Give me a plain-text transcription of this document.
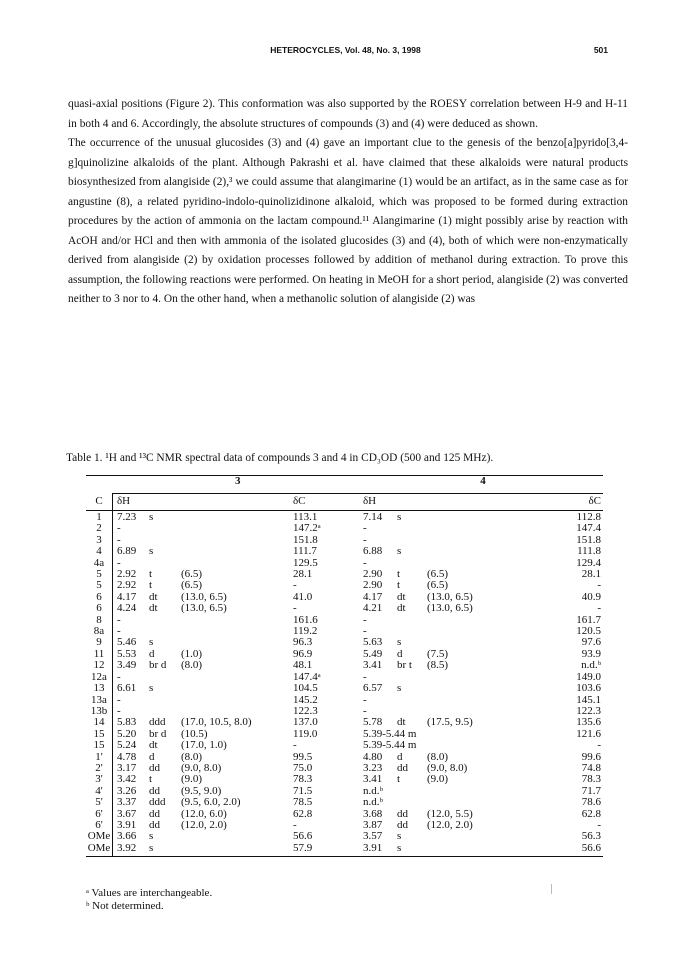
HETEROCYCLES, Vol. 48, No. 3, 1998	501

quasi-axial positions (Figure 2). This conformation was also supported by the ROESY correlation between H-9 and H-11 in both 4 and 6. Accordingly, the absolute structures of compounds (3) and (4) were deduced as shown.

The occurrence of the unusual glucosides (3) and (4) gave an important clue to the genesis of the benzo[a]pyrido[3,4-g]quinolizine alkaloids of the plant. Although Pakrashi et al. have claimed that these alkaloids were natural products biosynthesized from alangiside (2),³ we could assume that alangimarine (1) would be an artifact, as in the same case as for angustine (8), a related pyridino-indolo-quinolizidinone alkaloid, which was proposed to be formed during extraction procedures by the action of ammonia on the lactam compound.¹¹ Alangimarine (1) might possibly arise by reaction with AcOH and/or HCl and then with ammonia of the isolated glucosides (3) and (4), both of which were non-enzymatically derived from alangiside (2) by oxidation processes followed by addition of methanol during extraction. To prove this assumption, the following reactions were performed. On heating in MeOH for a short period, alangiside (2) was converted neither to 3 nor to 4. On the other hand, when a methanolic solution of alangiside (2) was

Table 1. ¹H and ¹³C NMR spectral data of compounds 3 and 4 in CD₃OD (500 and 125 MHz).
	3				4			
C	δH			δC	δH			δC
1	7.23	s		113.1	7.14	s		112.8
2	-			147.2ᵃ	-			147.4
3	-			151.8	-			151.8
4	6.89	s		111.7	6.88	s		111.8
4a	-			129.5	-			129.4
5	2.92	t	(6.5)	28.1	2.90	t	(6.5)	28.1
5	2.92	t	(6.5)	-	2.90	t	(6.5)	-
6	4.17	dt	(13.0, 6.5)	41.0	4.17	dt	(13.0, 6.5)	40.9
6	4.24	dt	(13.0, 6.5)	-	4.21	dt	(13.0, 6.5)	-
8	-			161.6	-			161.7
8a	-			119.2	-			120.5
9	5.46	s		96.3	5.63	s		97.6
11	5.53	d	(1.0)	96.9	5.49	d	(7.5)	93.9
12	3.49	br d	(8.0)	48.1	3.41	br t	(8.5)	n.d.ᵇ
12a	-			147.4ᵃ	-			149.0
13	6.61	s		104.5	6.57	s		103.6
13a	-			145.2	-			145.1
13b	-			122.3	-			122.3
14	5.83	ddd	(17.0, 10.5, 8.0)	137.0	5.78	dt	(17.5, 9.5)	135.6
15	5.20	br d	(10.5)	119.0	5.39-5.44 m			121.6
15	5.24	dt	(17.0, 1.0)	-	5.39-5.44 m			-
1'	4.78	d	(8.0)	99.5	4.80	d	(8.0)	99.6
2'	3.17	dd	(9.0, 8.0)	75.0	3.23	dd	(9.0, 8.0)	74.8
3'	3.42	t	(9.0)	78.3	3.41	t	(9.0)	78.3
4'	3.26	dd	(9.5, 9.0)	71.5	n.d.ᵇ			71.7
5'	3.37	ddd	(9.5, 6.0, 2.0)	78.5	n.d.ᵇ			78.6
6'	3.67	dd	(12.0, 6.0)	62.8	3.68	dd	(12.0, 5.5)	62.8
6'	3.91	dd	(12.0, 2.0)	-	3.87	dd	(12.0, 2.0)	-
OMe	3.66	s		56.6	3.57	s		56.3
OMe	3.92	s		57.9	3.91	s		56.6
ᵃ Values are interchangeable.
ᵇ Not determined.
